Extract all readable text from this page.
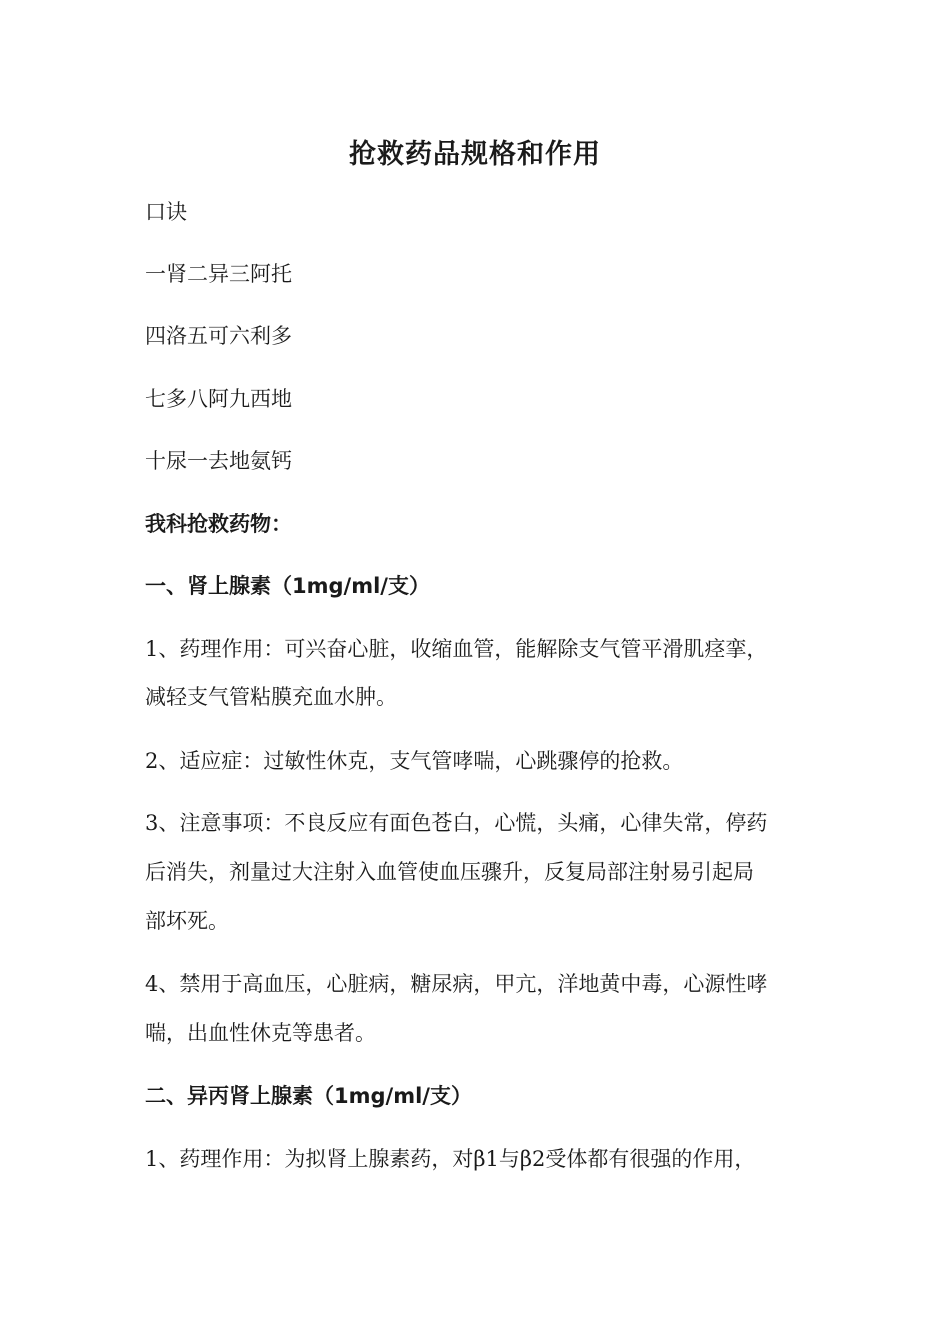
抢救药品规格和作用
口诀
一肾二异三阿托
四洛五可六利多
七多八阿九西地
十尿一去地氨钙
我科抢救药物：
一、肾上腺素（1mg/ml/支）
1、药理作用：可兴奋心脏，收缩血管，能解除支气管平滑肌痉挛，
减轻支气管粘膜充血水肿。
2、适应症：过敏性休克，支气管哮喘，心跳骤停的抢救。
3、注意事项：不良反应有面色苍白，心慌，头痛，心律失常，停药
后消失，剂量过大注射入血管使血压骤升，反复局部注射易引起局
部坏死。
4、禁用于高血压，心脏病，糖尿病，甲亢，洋地黄中毒，心源性哮
喘，出血性休克等患者。
二、异丙肾上腺素（1mg/ml/支）
1、药理作用：为拟肾上腺素药，对β1与β2受体都有很强的作用，
